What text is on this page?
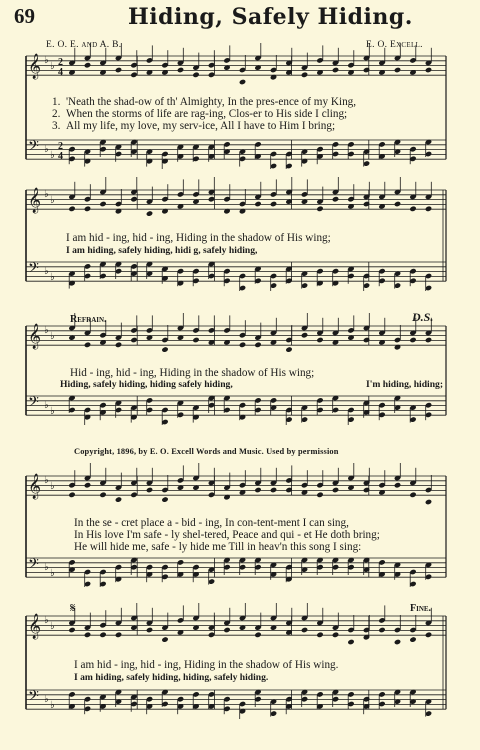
69	Hiding, Safely Hiding.
E. O. E. and A. B.	E. O. Excell.
𝄞 ♭
♭ 2
4
𝄢 ♭
♭
2
4
𝄞 ♭
♭
𝄢 ♭
♭
𝄞 ♭
♭
𝄢 ♭
♭
𝄞 ♭
♭
𝄢 ♭
♭
𝄞 ♭
♭
𝄢 ♭
♭
1. 'Neath the shad-ow of th' Almighty, In the pres-ence of my King,
2. When the storms of life are rag-ing, Clos-er to His side I cling;
3. All my life, my love, my serv-ice, All I have to Him I bring;
I am hid - ing, hid - ing, Hiding in the shadow of His wing;
I am hiding, safely hiding, hidi g, safely hiding,
Refrain.	D.S.
Hid - ing, hid - ing, Hiding in the shadow of His wing;
Hiding, safely hiding, hiding safely hiding,	I'm hiding, hiding;
Copyright, 1896, by E. O. Excell Words and Music. Used by permission
In the se - cret place a - bid - ing, In con-tent-ment I can sing,
In His love I'm safe - ly shel-tered, Peace and qui - et He doth bring;
He will hide me, safe - ly hide me Till in heav'n this song I sing:
𝄋	Fine.
I am hid - ing, hid - ing, Hiding in the shadow of His wing.
I am hiding, safely hiding, hiding, safely hiding.
